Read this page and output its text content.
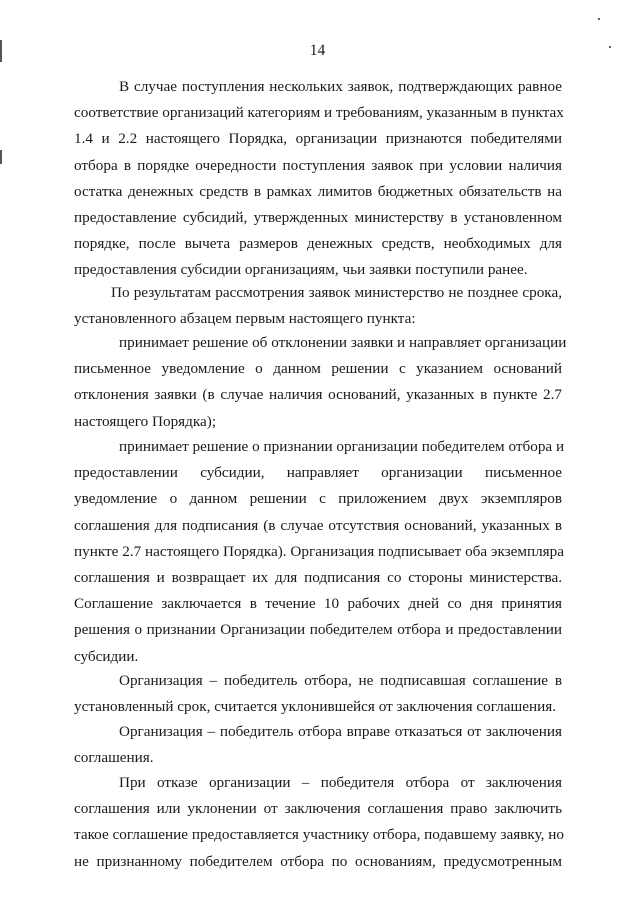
14
В случае поступления нескольких заявок, подтверждающих равное
соответствие организаций категориям и требованиям, указанным в пунктах
1.4 и 2.2 настоящего Порядка, организации признаются победителями
отбора в порядке очередности поступления заявок при условии наличия
остатка денежных средств в рамках лимитов бюджетных обязательств на
предоставление субсидий, утвержденных министерству в установленном
порядке, после вычета размеров денежных средств, необходимых для
предоставления субсидии организациям, чьи заявки поступили ранее.
По результатам рассмотрения заявок министерство не позднее срока,
установленного абзацем первым настоящего пункта:
принимает решение об отклонении заявки и направляет организации
письменное уведомление о данном решении с указанием оснований
отклонения заявки (в случае наличия оснований, указанных в пункте 2.7
настоящего Порядка);
принимает решение о признании организации победителем отбора и
предоставлении субсидии, направляет организации письменное
уведомление о данном решении с приложением двух экземпляров
соглашения для подписания (в случае отсутствия оснований, указанных в
пункте 2.7 настоящего Порядка). Организация подписывает оба экземпляра
соглашения и возвращает их для подписания со стороны министерства.
Соглашение заключается в течение 10 рабочих дней со дня принятия
решения о признании Организации победителем отбора и предоставлении
субсидии.
Организация – победитель отбора, не подписавшая соглашение в
установленный срок, считается уклонившейся от заключения соглашения.
Организация – победитель отбора вправе отказаться от заключения
соглашения.
При отказе организации – победителя отбора от заключения
соглашения или уклонении от заключения соглашения право заключить
такое соглашение предоставляется участнику отбора, подавшему заявку, но
не признанному победителем отбора по основаниям, предусмотренным
